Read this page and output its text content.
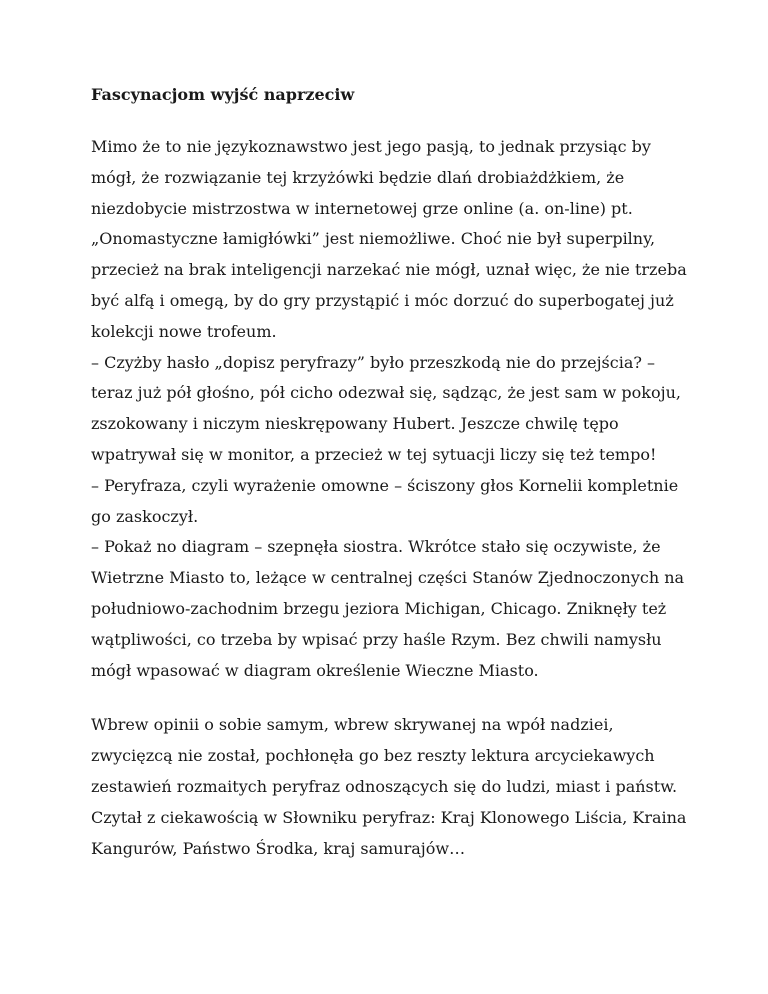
Fascynacjom wyjść naprzeciw

Mimo że to nie językoznawstwo jest jego pasją, to jednak przysiąc by mógł, że rozwiązanie tej krzyżówki będzie dlań drobiażdżkiem, że niezdobycie mistrzostwa w internetowej grze online (a. on-line) pt. „Onomastyczne łamigłówki” jest niemożliwe. Choć nie był superpilny, przecież na brak inteligencji narzekać nie mógł, uznał więc, że nie trzeba być alfą i omegą, by do gry przystąpić i móc dorzuć do superbogatej już kolekcji nowe trofeum.

– Czyżby hasło „dopisz peryfrazy” było przeszkodą nie do przejścia? – teraz już pół głośno, pół cicho odezwał się, sądząc, że jest sam w pokoju, zszokowany i niczym nieskrępowany Hubert. Jeszcze chwilę tępo wpatrywał się w monitor, a przecież w tej sytuacji liczy się też tempo!

– Peryfraza, czyli wyrażenie omowne – ściszony głos Kornelii kompletnie go zaskoczył.

– Pokaż no diagram – szepnęła siostra. Wkrótce stało się oczywiste, że Wietrzne Miasto to, leżące w centralnej części Stanów Zjednoczonych na południowo-zachodnim brzegu jeziora Michigan, Chicago. Zniknęły też wątpliwości, co trzeba by wpisać przy haśle Rzym. Bez chwili namysłu mógł wpasować w diagram określenie Wieczne Miasto.

Wbrew opinii o sobie samym, wbrew skrywanej na wpół nadziei, zwycięzcą nie został, pochłonęła go bez reszty lektura arcyciekawych zestawień rozmaitych peryfraz odnoszących się do ludzi, miast i państw. Czytał z ciekawością w Słowniku peryfraz: Kraj Klonowego Liścia, Kraina Kangurów, Państwo Środka, kraj samurajów…
